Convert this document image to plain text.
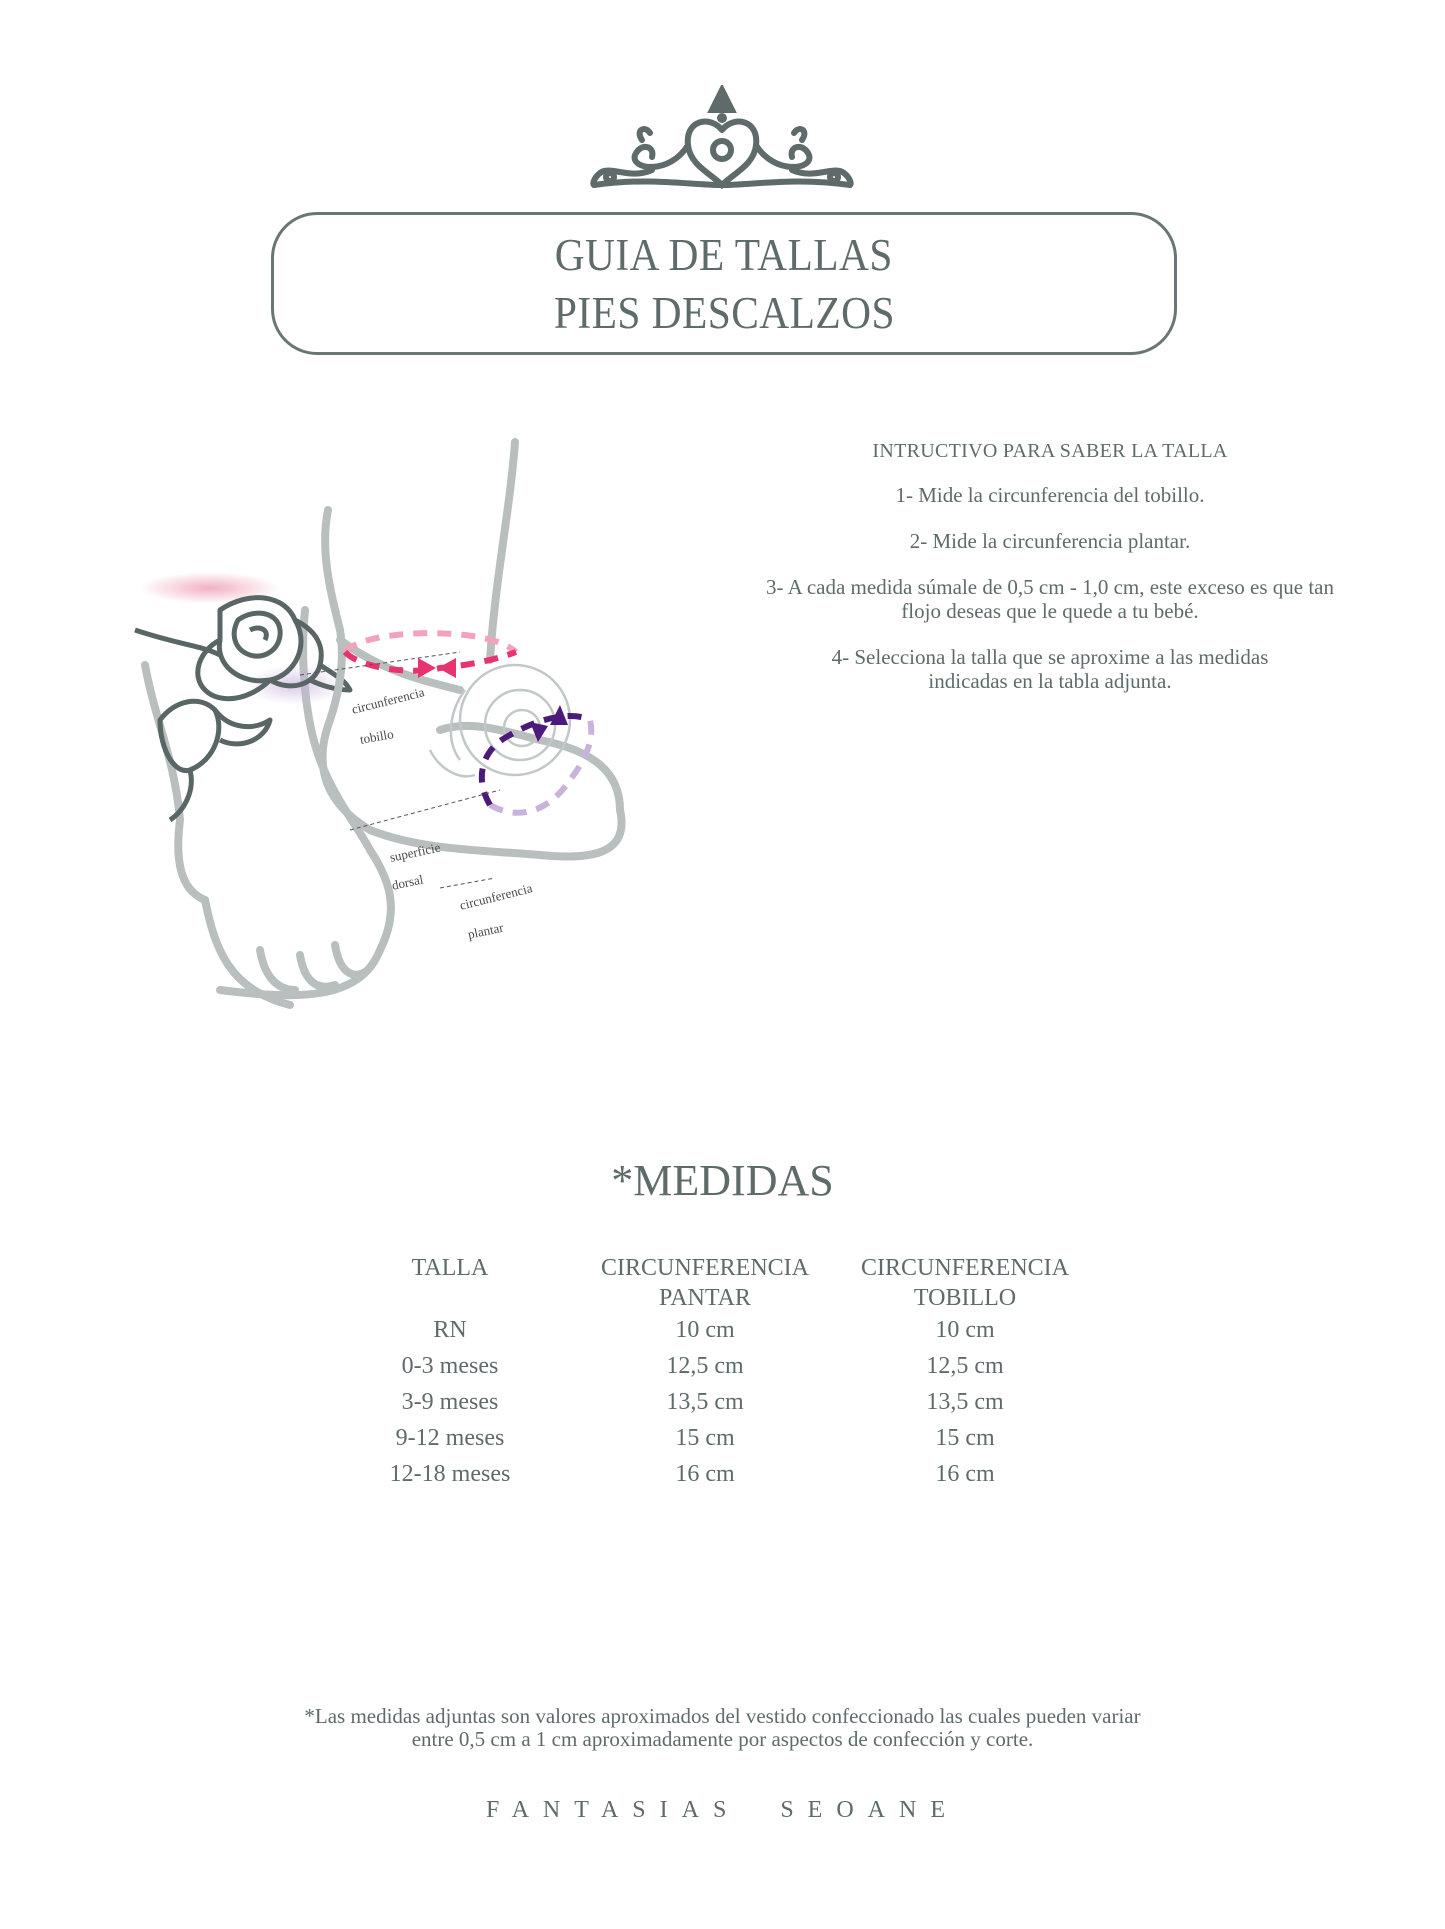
GUIA DE TALLAS
PIES DESCALZOS
circunferencia
tobillo
superficie
dorsal	circunferencia
plantar
INTRUCTIVO PARA SABER LA TALLA
1- Mide la circunferencia del tobillo.
2- Mide la circunferencia plantar.
3- A cada medida súmale de 0,5 cm - 1,0 cm, este exceso es que tan flojo deseas que le quede a tu bebé.
4- Selecciona la talla que se aproxime a las medidas indicadas en la tabla adjunta.
*MEDIDAS
TALLA
RN
0-3 meses
3-9 meses
9-12 meses
12-18 meses
CIRCUNFERENCIA
PANTAR
10 cm
12,5 cm
13,5 cm
15 cm
16 cm
CIRCUNFERENCIA
TOBILLO
10 cm
12,5 cm
13,5 cm
15 cm
16 cm
*Las medidas adjuntas son valores aproximados del vestido confeccionado las cuales pueden variar
entre 0,5 cm a 1 cm aproximadamente por aspectos de confección y corte.
FANTASIAS  SEOANE
